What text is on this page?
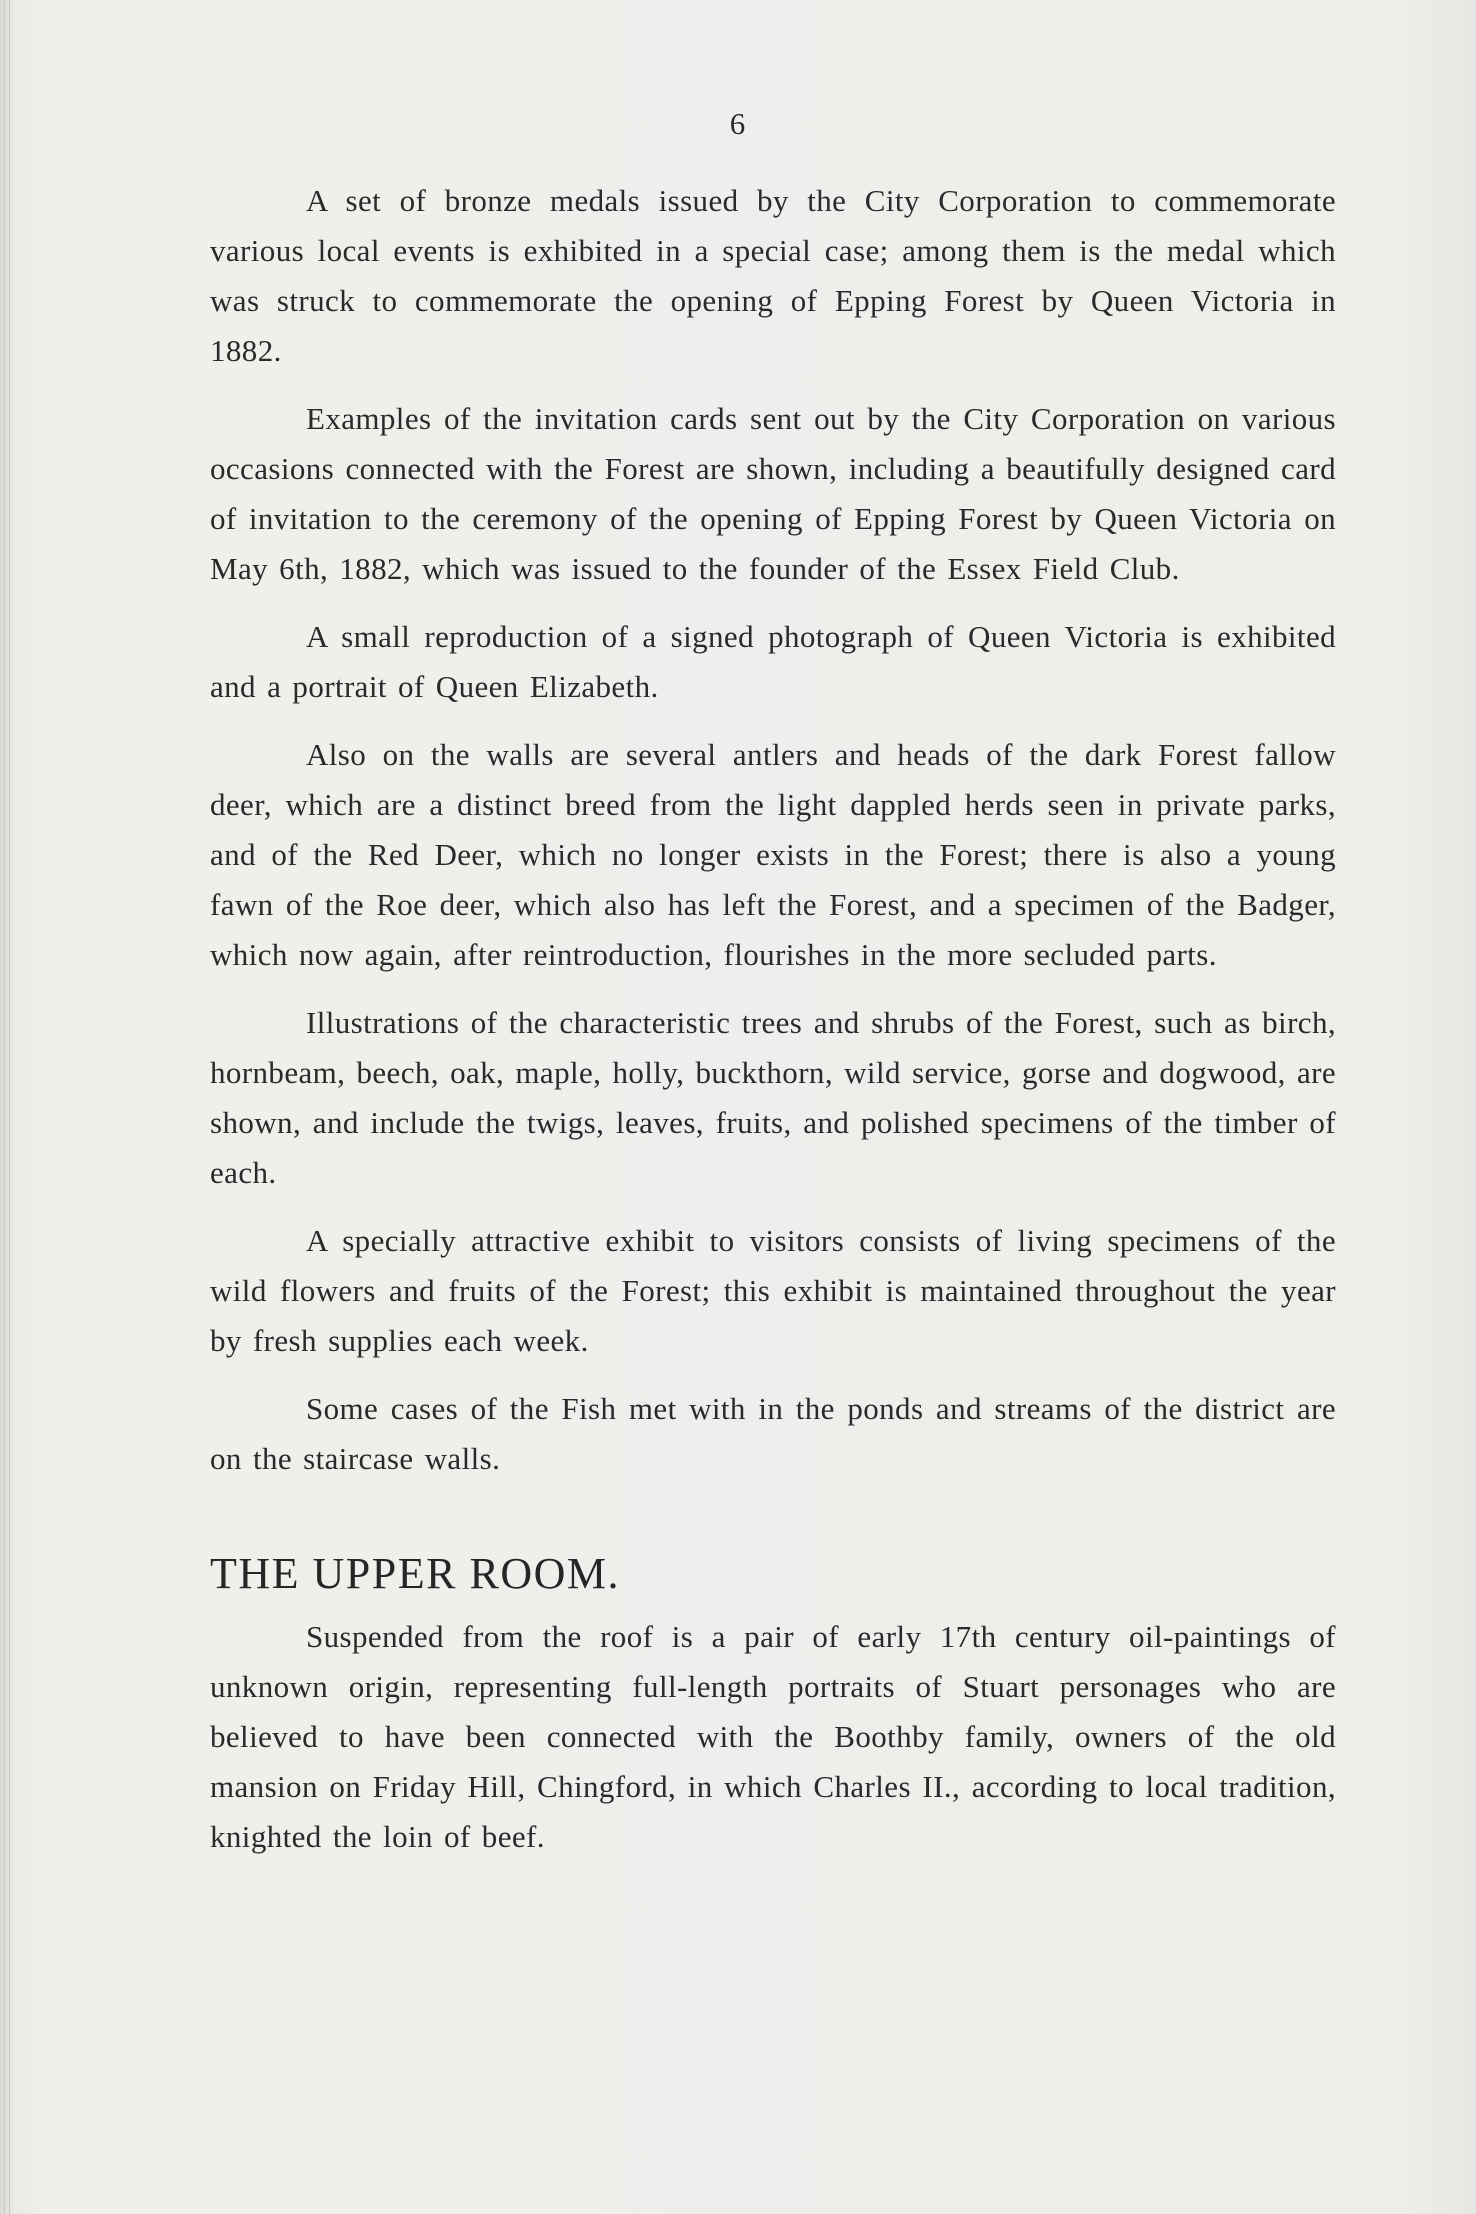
6

A set of bronze medals issued by the City Corporation to commemorate various local events is exhibited in a special case; among them is the medal which was struck to commemorate the opening of Epping Forest by Queen Victoria in 1882.

Examples of the invitation cards sent out by the City Corporation on various occasions connected with the Forest are shown, including a beautifully designed card of invitation to the ceremony of the opening of Epping Forest by Queen Victoria on May 6th, 1882, which was issued to the founder of the Essex Field Club.

A small reproduction of a signed photograph of Queen Victoria is exhibited and a portrait of Queen Elizabeth.

Also on the walls are several antlers and heads of the dark Forest fallow deer, which are a distinct breed from the light dappled herds seen in private parks, and of the Red Deer, which no longer exists in the Forest; there is also a young fawn of the Roe deer, which also has left the Forest, and a specimen of the Badger, which now again, after reintroduction, flourishes in the more secluded parts.

Illustrations of the characteristic trees and shrubs of the Forest, such as birch, hornbeam, beech, oak, maple, holly, buckthorn, wild service, gorse and dogwood, are shown, and include the twigs, leaves, fruits, and polished specimens of the timber of each.

A specially attractive exhibit to visitors consists of living specimens of the wild flowers and fruits of the Forest; this exhibit is maintained throughout the year by fresh supplies each week.

Some cases of the Fish met with in the ponds and streams of the district are on the staircase walls.

THE UPPER ROOM.

Suspended from the roof is a pair of early 17th century oil-paintings of unknown origin, representing full-length portraits of Stuart personages who are believed to have been connected with the Boothby family, owners of the old mansion on Friday Hill, Chingford, in which Charles II., according to local tradition, knighted the loin of beef.
